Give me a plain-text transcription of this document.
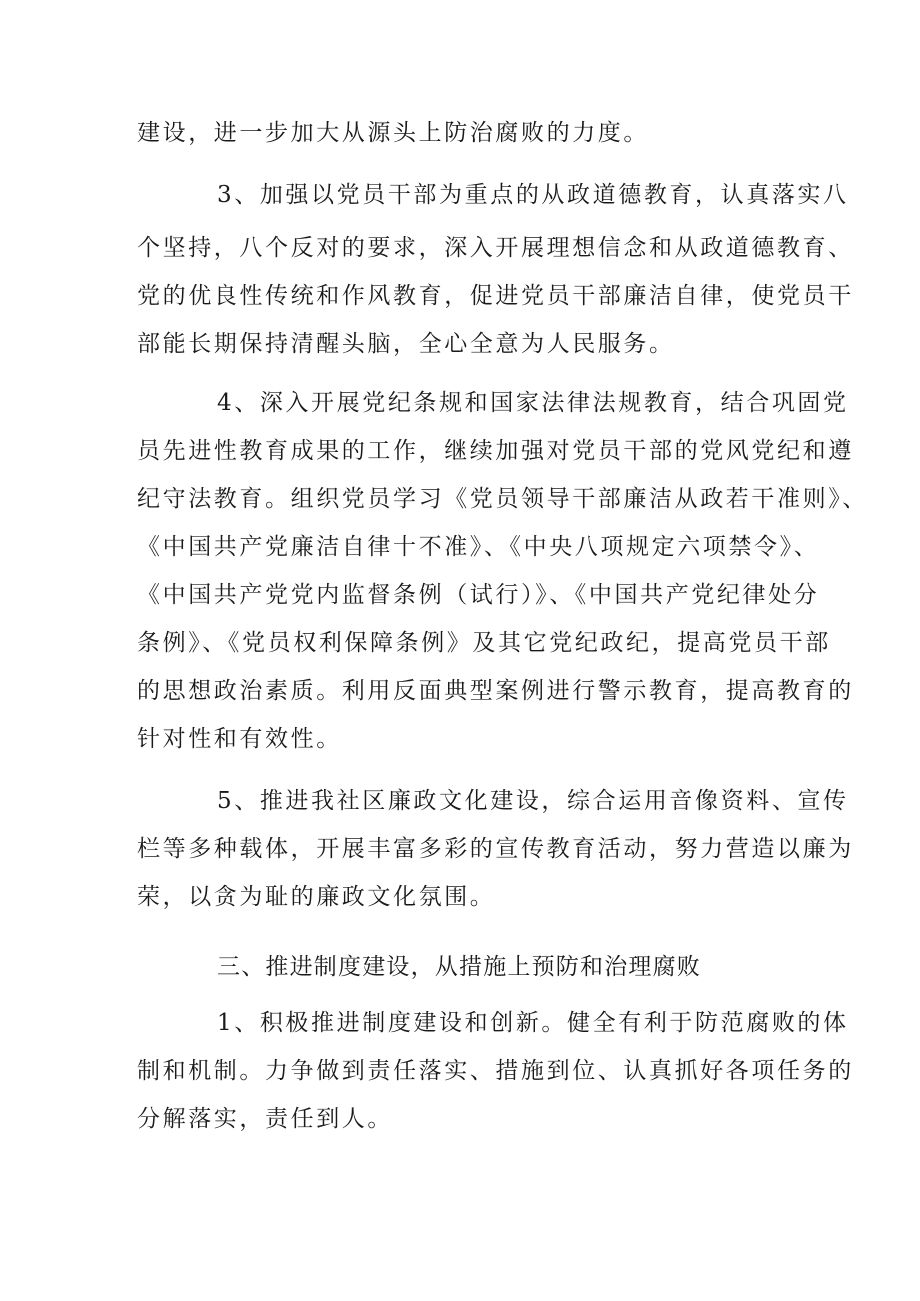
建设，进一步加大从源头上防治腐败的力度。
3、加强以党员干部为重点的从政道德教育，认真落实八
个坚持，八个反对的要求，深入开展理想信念和从政道德教育、
党的优良性传统和作风教育，促进党员干部廉洁自律，使党员干
部能长期保持清醒头脑，全心全意为人民服务。
4、深入开展党纪条规和国家法律法规教育，结合巩固党
员先进性教育成果的工作，继续加强对党员干部的党风党纪和遵
纪守法教育。组织党员学习《党员领导干部廉洁从政若干准则》、
《中国共产党廉洁自律十不准》、《中央八项规定六项禁令》、
《中国共产党党内监督条例（试行）》、《中国共产党纪律处分
条例》、《党员权利保障条例》及其它党纪政纪，提高党员干部
的思想政治素质。利用反面典型案例进行警示教育，提高教育的
针对性和有效性。
5、推进我社区廉政文化建设，综合运用音像资料、宣传
栏等多种载体，开展丰富多彩的宣传教育活动，努力营造以廉为
荣，以贪为耻的廉政文化氛围。
三、推进制度建设，从措施上预防和治理腐败
1、积极推进制度建设和创新。健全有利于防范腐败的体
制和机制。力争做到责任落实、措施到位、认真抓好各项任务的
分解落实，责任到人。
